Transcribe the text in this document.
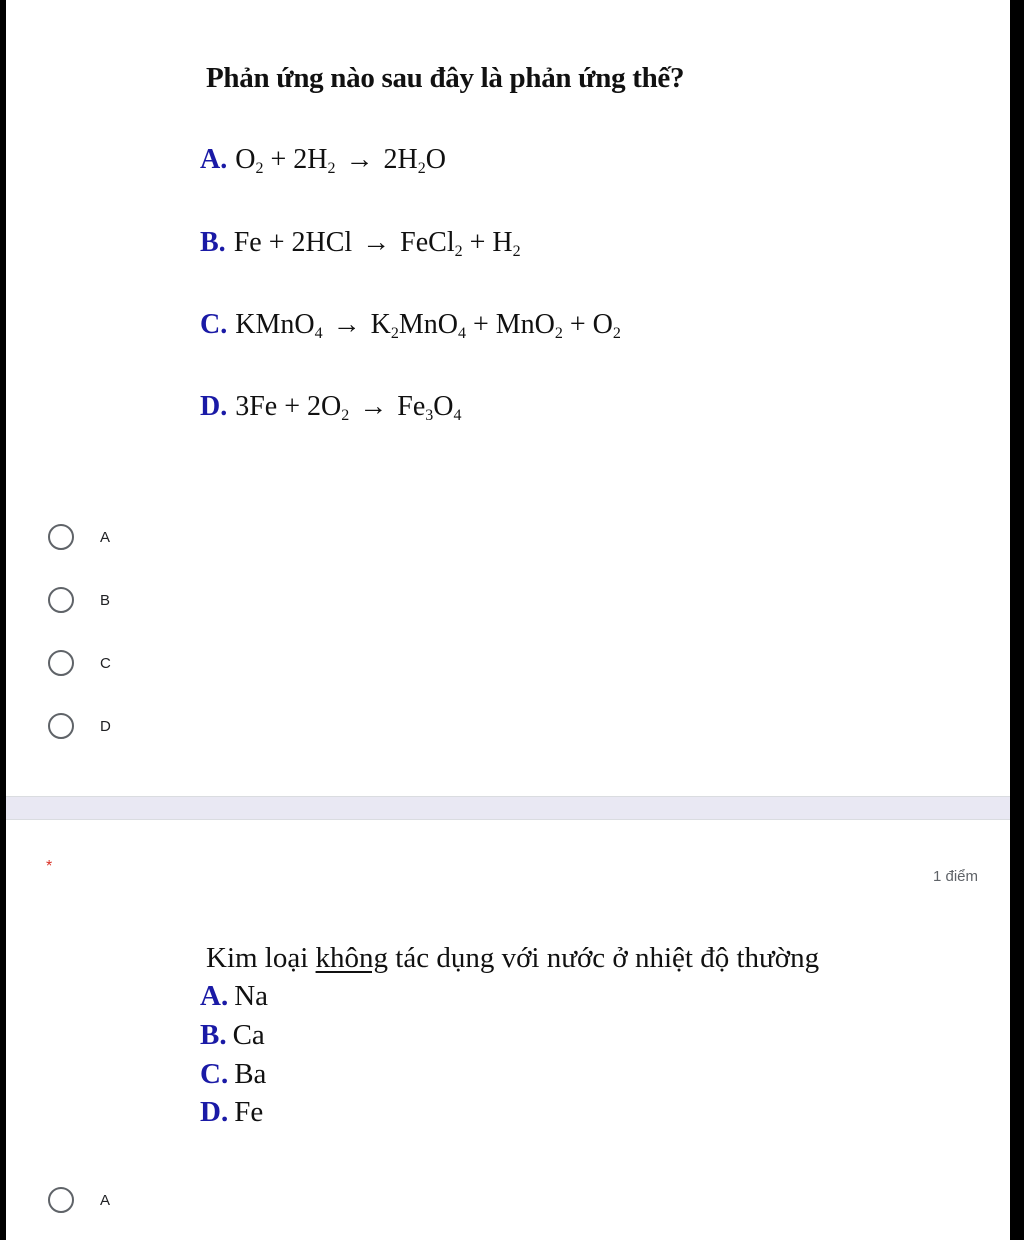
Phản ứng nào sau đây là phản ứng thế?
A. $O_2 + 2H_2 \to 2H_2O$
B. Fe + 2HCl → FeCl$_2$ + $H_2$
C. KMnO$_4$ → $K_2MnO_4 + MnO_2 + O_2$
D. $3Fe + 2O_2 \to Fe_3O_4$
A
B
C
D
*
1 điểm
Kim loại không tác dụng với nước ở nhiệt độ thường
A. Na
B. Ca
C. Ba
D. Fe
A
